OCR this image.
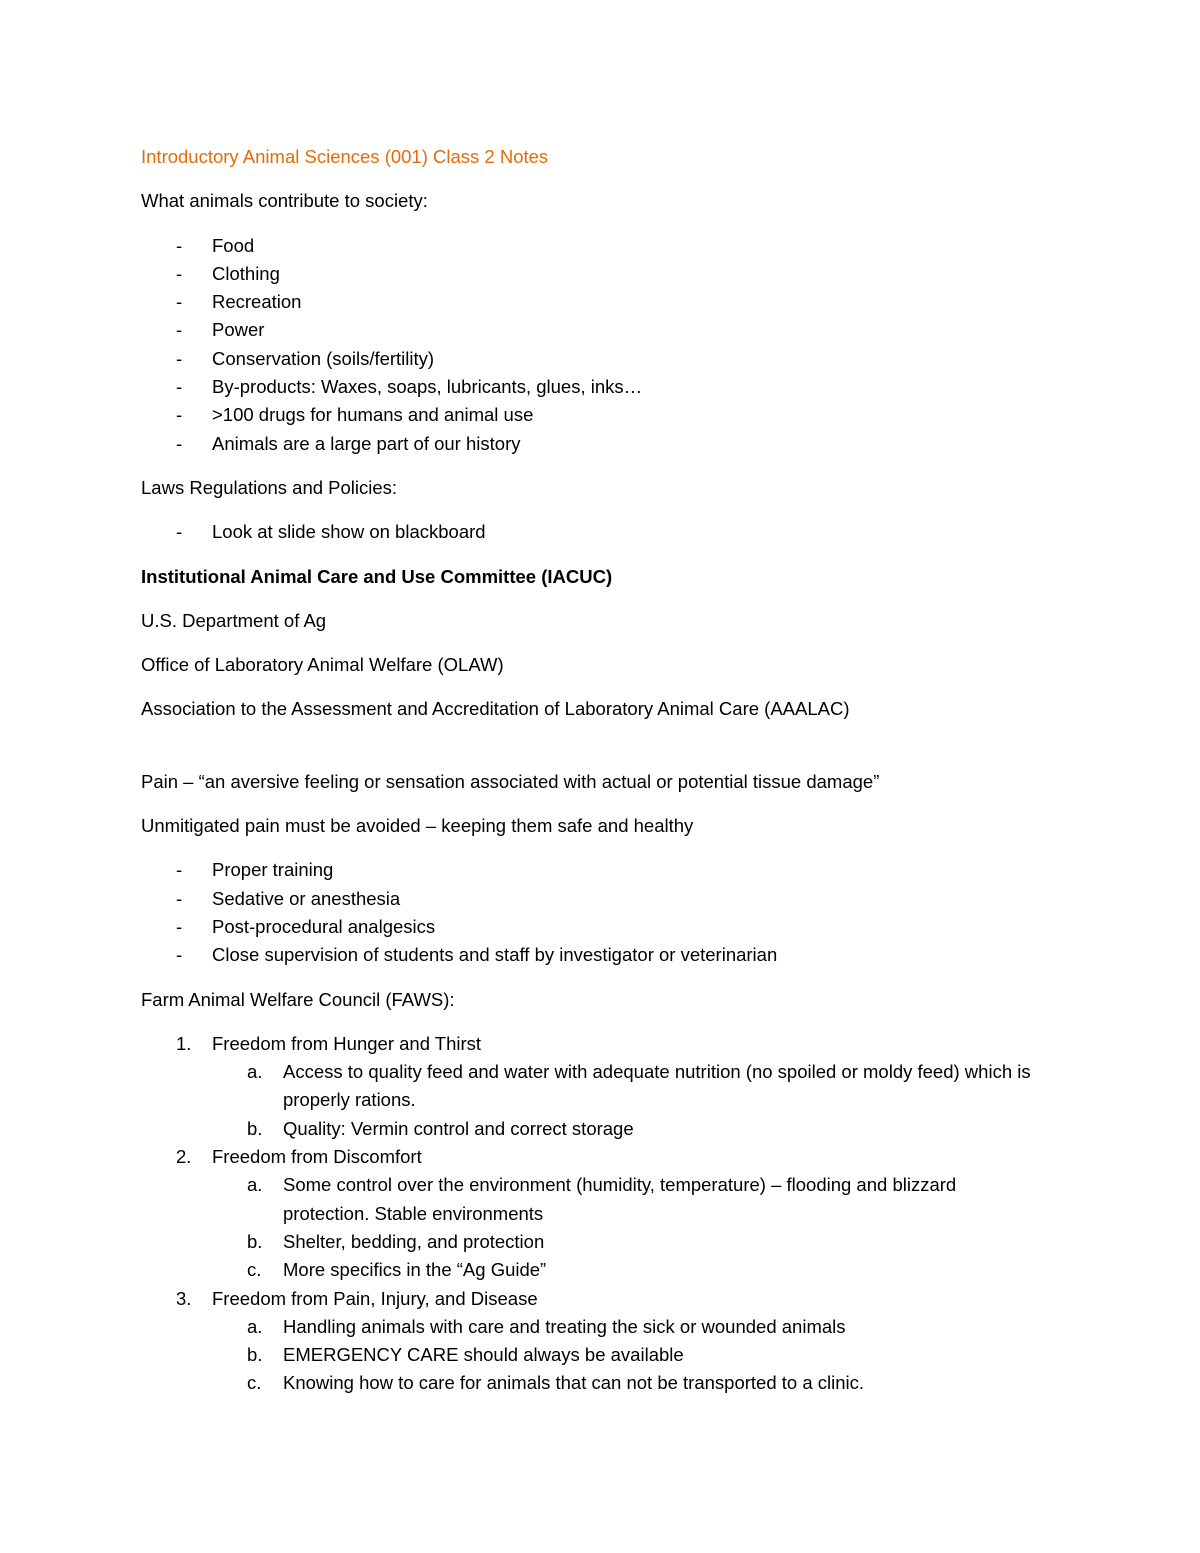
Introductory Animal Sciences (001) Class 2 Notes

What animals contribute to society:

- Food
- Clothing
- Recreation
- Power
- Conservation (soils/fertility)
- By-products: Waxes, soaps, lubricants, glues, inks…
- >100 drugs for humans and animal use
- Animals are a large part of our history

Laws Regulations and Policies:

- Look at slide show on blackboard

Institutional Animal Care and Use Committee (IACUC)

U.S. Department of Ag

Office of Laboratory Animal Welfare (OLAW)

Association to the Assessment and Accreditation of Laboratory Animal Care (AAALAC)

Pain – “an aversive feeling or sensation associated with actual or potential tissue damage”

Unmitigated pain must be avoided – keeping them safe and healthy

- Proper training
- Sedative or anesthesia
- Post-procedural analgesics
- Close supervision of students and staff by investigator or veterinarian

Farm Animal Welfare Council (FAWS):

1. Freedom from Hunger and Thirst
a. Access to quality feed and water with adequate nutrition (no spoiled or moldy feed) which is properly rations.
b. Quality: Vermin control and correct storage
2. Freedom from Discomfort
a. Some control over the environment (humidity, temperature) – flooding and blizzard protection. Stable environments
b. Shelter, bedding, and protection
c. More specifics in the “Ag Guide”
3. Freedom from Pain, Injury, and Disease
a. Handling animals with care and treating the sick or wounded animals
b. EMERGENCY CARE should always be available
c. Knowing how to care for animals that can not be transported to a clinic.
